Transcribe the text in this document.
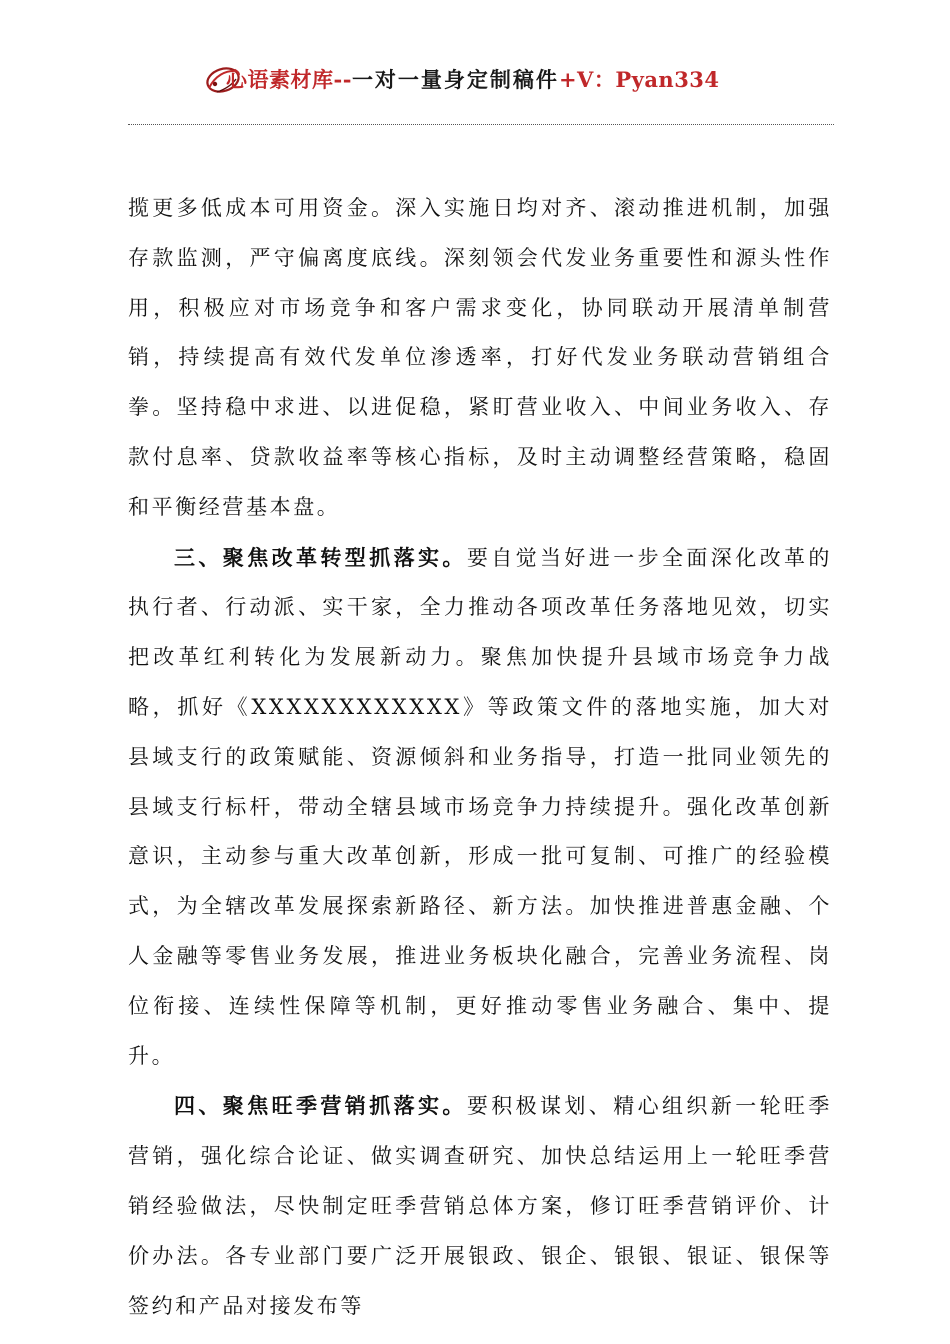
心语素材库--一对一量身定制稿件+V：Pyan334

揽更多低成本可用资金。深入实施日均对齐、滚动推进机制，加强存款监测，严守偏离度底线。深刻领会代发业务重要性和源头性作用，积极应对市场竞争和客户需求变化，协同联动开展清单制营销，持续提高有效代发单位渗透率，打好代发业务联动营销组合拳。坚持稳中求进、以进促稳，紧盯营业收入、中间业务收入、存款付息率、贷款收益率等核心指标，及时主动调整经营策略，稳固和平衡经营基本盘。

三、聚焦改革转型抓落实。要自觉当好进一步全面深化改革的执行者、行动派、实干家，全力推动各项改革任务落地见效，切实把改革红利转化为发展新动力。聚焦加快提升县域市场竞争力战略，抓好《XXXXXXXXXXXX》等政策文件的落地实施，加大对县域支行的政策赋能、资源倾斜和业务指导，打造一批同业领先的县域支行标杆，带动全辖县域市场竞争力持续提升。强化改革创新意识，主动参与重大改革创新，形成一批可复制、可推广的经验模式，为全辖改革发展探索新路径、新方法。加快推进普惠金融、个人金融等零售业务发展，推进业务板块化融合，完善业务流程、岗位衔接、连续性保障等机制，更好推动零售业务融合、集中、提升。

四、聚焦旺季营销抓落实。要积极谋划、精心组织新一轮旺季营销，强化综合论证、做实调查研究、加快总结运用上一轮旺季营销经验做法，尽快制定旺季营销总体方案，修订旺季营销评价、计价办法。各专业部门要广泛开展银政、银企、银银、银证、银保等签约和产品对接发布等
